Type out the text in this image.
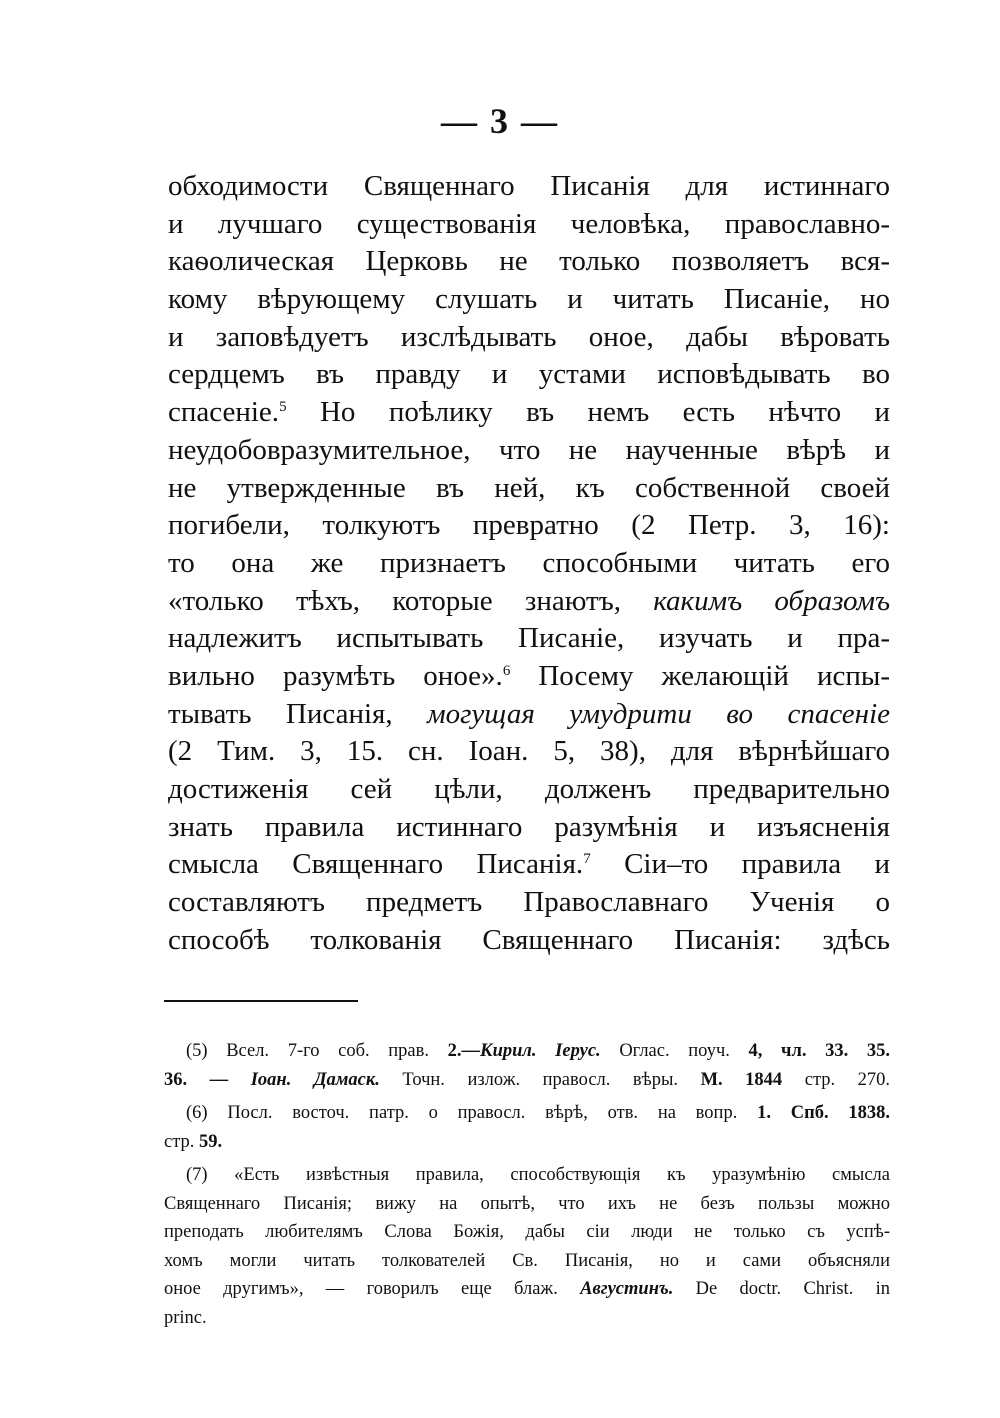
— 3 —
обходимости Священнаго Писанія для истиннаго
и лучшаго существованія человѣка, православно-
каѳолическая Церковь не только позволяетъ вся-
кому вѣрующему слушать и читать Писаніе, но
и заповѣдуетъ изслѣдывать оное, дабы вѣровать
сердцемъ въ правду и устами исповѣдывать во
спасеніе.$^5$ Но поѣлику въ немъ есть нѣчто и
неудобовразумительное, что не наученные вѣрѣ и
не утвержденные въ ней, къ собственной своей
погибели, толкуютъ превратно (2 Петр. 3, 16):
то она же признаетъ способными читать его
«только тѣхъ, которые знаютъ, какимъ образомъ
надлежитъ испытывать Писаніе, изучать и пра-
вильно разумѣть оное».$^6$ Посему желающій испы-
тывать Писанія, могущая умудрити во спасеніе
(2 Тим. 3, 15. сн. Іоан. 5, 38), для вѣрнѣйшаго
достиженія сей цѣли, долженъ предварительно
знать правила истиннаго разумѣнія и изъясненія
смысла Священнаго Писанія.$^7$ Сіи–то правила и
составляютъ предметъ Православнаго Ученія о
способѣ толкованія Священнаго Писанія: здѣсь
(5) Всел. 7-го соб. прав. 2.—Кирил. Іерус. Оглас. поуч. 4, чл. 33. 35.
36. — Іоан. Дамаск. Точн. излож. правосл. вѣры. М. 1844 стр. 270.
(6) Посл. восточ. патр. о правосл. вѣрѣ, отв. на вопр. 1. Спб. 1838.
стр. 59.
(7) «Есть извѣстныя правила, способствующія къ уразумѣнію смысла
Священнаго Писанія; вижу на опытѣ, что ихъ не безъ пользы можно
преподать любителямъ Слова Божія, дабы сіи люди не только съ успѣ-
хомъ могли читать толкователей Св. Писанія, но и сами объясняли
оное другимъ», — говорилъ еще блаж. Августинъ. De doctr. Christ. in
princ.
